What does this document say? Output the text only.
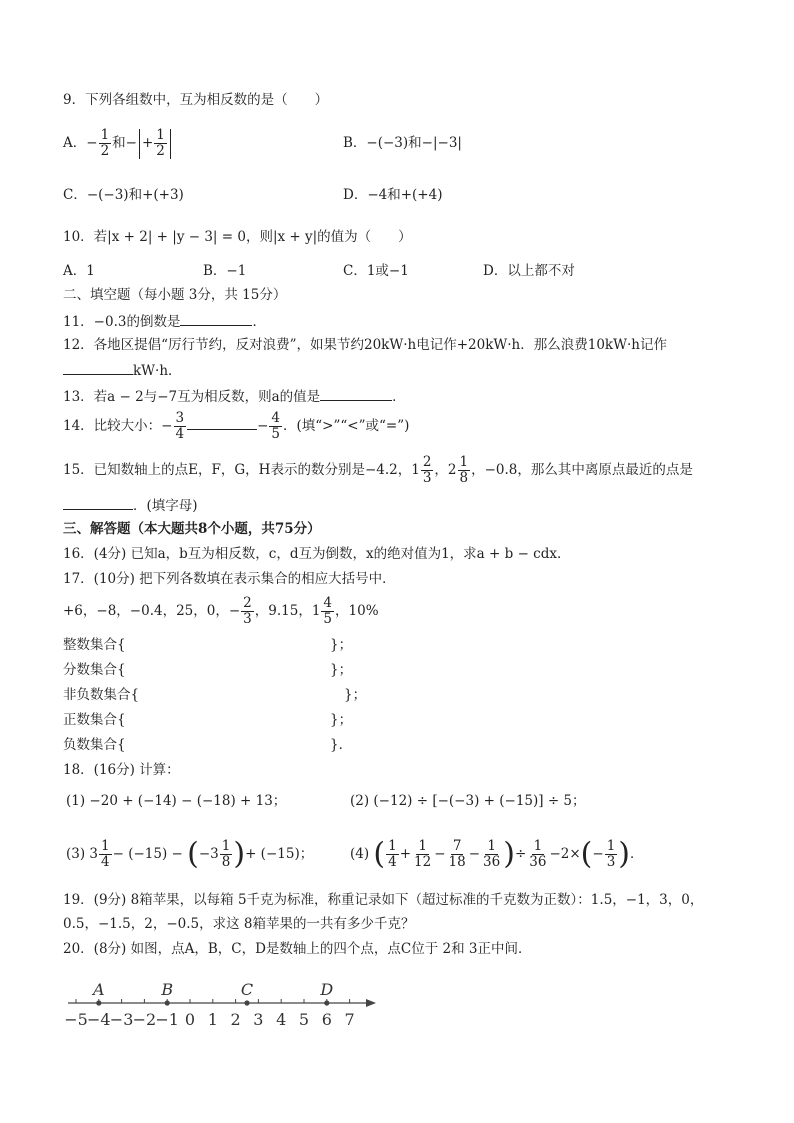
9．下列各组数中，互为相反数的是（　　）
A．− $\frac{1}{2}$ 和− + $\frac{1}{2}$	B．−(−3)和−|−3|
C．−(−3)和+(+3)	D．−4和+(+4)
10．若|x + 2| + |y − 3| = 0，则|x + y|的值为（　　）
A．1	B．−1	C．1或−1	D．以上都不对
二、填空题（每小题 3分，共 15分）
11．−0.3的倒数是	．
12．各地区提倡“厉行节约，反对浪费”，如果节约20kW·h电记作+20kW·h．那么浪费10kW·h记作
kW·h．
13．若a − 2与−7互为相反数，则a的值是	．
14．比较大小：− $\frac{3}{4}$	− $\frac{4}{5}$ ．(填“>”“<”或“=”)
15．已知数轴上的点E，F，G，H表示的数分别是−4.2，$1 \frac{2}{3}$ ，$2 \frac{1}{8}$ ，−0.8，那么其中离原点最近的点是
．(填字母)
三、解答题（本大题共8个小题，共75分）
16．(4分) 已知a，b互为相反数，c，d互为倒数，x的绝对值为1，求a + b − cdx．
17．(10分) 把下列各数填在表示集合的相应大括号中．
+6，−8，−0.4，25，0，− $\frac{2}{3}$ ，9.15，$1 \frac{4}{5}$ ，10%
整数集合{	}；
分数集合{	}；
非负数集合{	}；
正数集合{	}；
负数集合{	}．
18．(16分) 计算：
(1) −20 + (−14) − (−18) + 13；	(2) (−12) ÷ [−(−3) + (−15)] ÷ 5；
(3) $3 \frac{1}{4} - (-15) - (-3 \frac{1}{8}$ )+ (−15)；	(4) ( $\frac{1}{4} + \frac{1}{12} - \frac{7}{18} - \frac{1}{36}$ )÷ $\frac{1}{36} -2\times(- \frac{1}{3}$ )．
19．(9分) 8箱苹果，以每箱 5千克为标准，称重记录如下（超过标准的千克数为正数）：1.5，−1，3，0，
0.5，−1.5，2，−0.5，求这 8箱苹果的一共有多少千克？
20．(8分) 如图，点A，B，C，D是数轴上的四个点，点C位于 2和 3正中间．
−5 −4 −3 −2 −1 0 1 2 3 4 5 6 7
A	B	C	D
